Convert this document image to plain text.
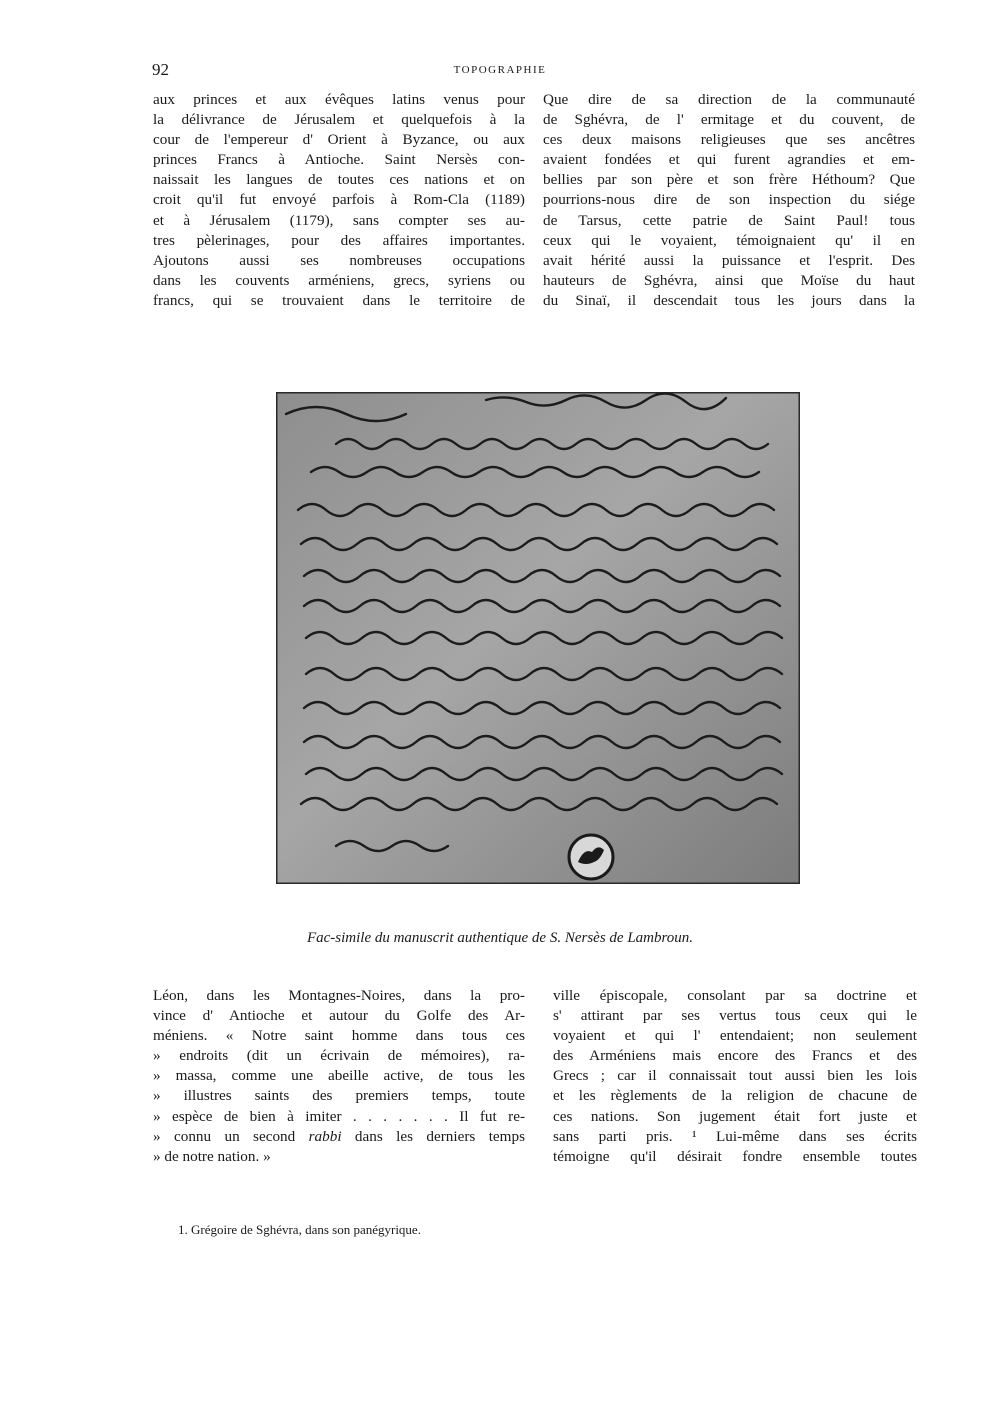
92	TOPOGRAPHIE

aux princes et aux évêques latins venus pour
la délivrance de Jérusalem et quelquefois à la
cour de l'empereur d' Orient à Byzance, ou aux
princes Francs à Antioche. Saint Nersès con-
naissait les langues de toutes ces nations et on
croit qu'il fut envoyé parfois à Rom-Cla (1189)
et à Jérusalem (1179), sans compter ses au-
tres pèlerinages, pour des affaires importantes.
Ajoutons aussi ses nombreuses occupations
dans les couvents arméniens, grecs, syriens ou
francs, qui se trouvaient dans le territoire de

Que dire de sa direction de la communauté
de Sghévra, de l' ermitage et du couvent, de
ces deux maisons religieuses que ses ancêtres
avaient fondées et qui furent agrandies et em-
bellies par son père et son frère Héthoum? Que
pourrions-nous dire de son inspection du siége
de Tarsus, cette patrie de Saint Paul! tous
ceux qui le voyaient, témoignaient qu' il en
avait hérité aussi la puissance et l'esprit. Des
hauteurs de Sghévra, ainsi que Moïse du haut
du Sinaï, il descendait tous les jours dans la

Fac-simile du manuscrit authentique de S. Nersès de Lambroun.

Léon, dans les Montagnes-Noires, dans la pro-
vince d' Antioche et autour du Golfe des Ar-
méniens. « Notre saint homme dans tous ces
» endroits (dit un écrivain de mémoires), ra-
» massa, comme une abeille active, de tous les
» illustres saints des premiers temps, toute
» espèce de bien à imiter . . . . . . . Il fut re-
» connu un second rabbi dans les derniers temps
» de notre nation. »

ville épiscopale, consolant par sa doctrine et
s' attirant par ses vertus tous ceux qui le
voyaient et qui l' entendaient; non seulement
des Arméniens mais encore des Francs et des
Grecs ; car il connaissait tout aussi bien les lois
et les règlements de la religion de chacune de
ces nations. Son jugement était fort juste et
sans parti pris. ¹ Lui-même dans ses écrits
témoigne qu'il désirait fondre ensemble toutes

1. Grégoire de Sghévra, dans son panégyrique.
